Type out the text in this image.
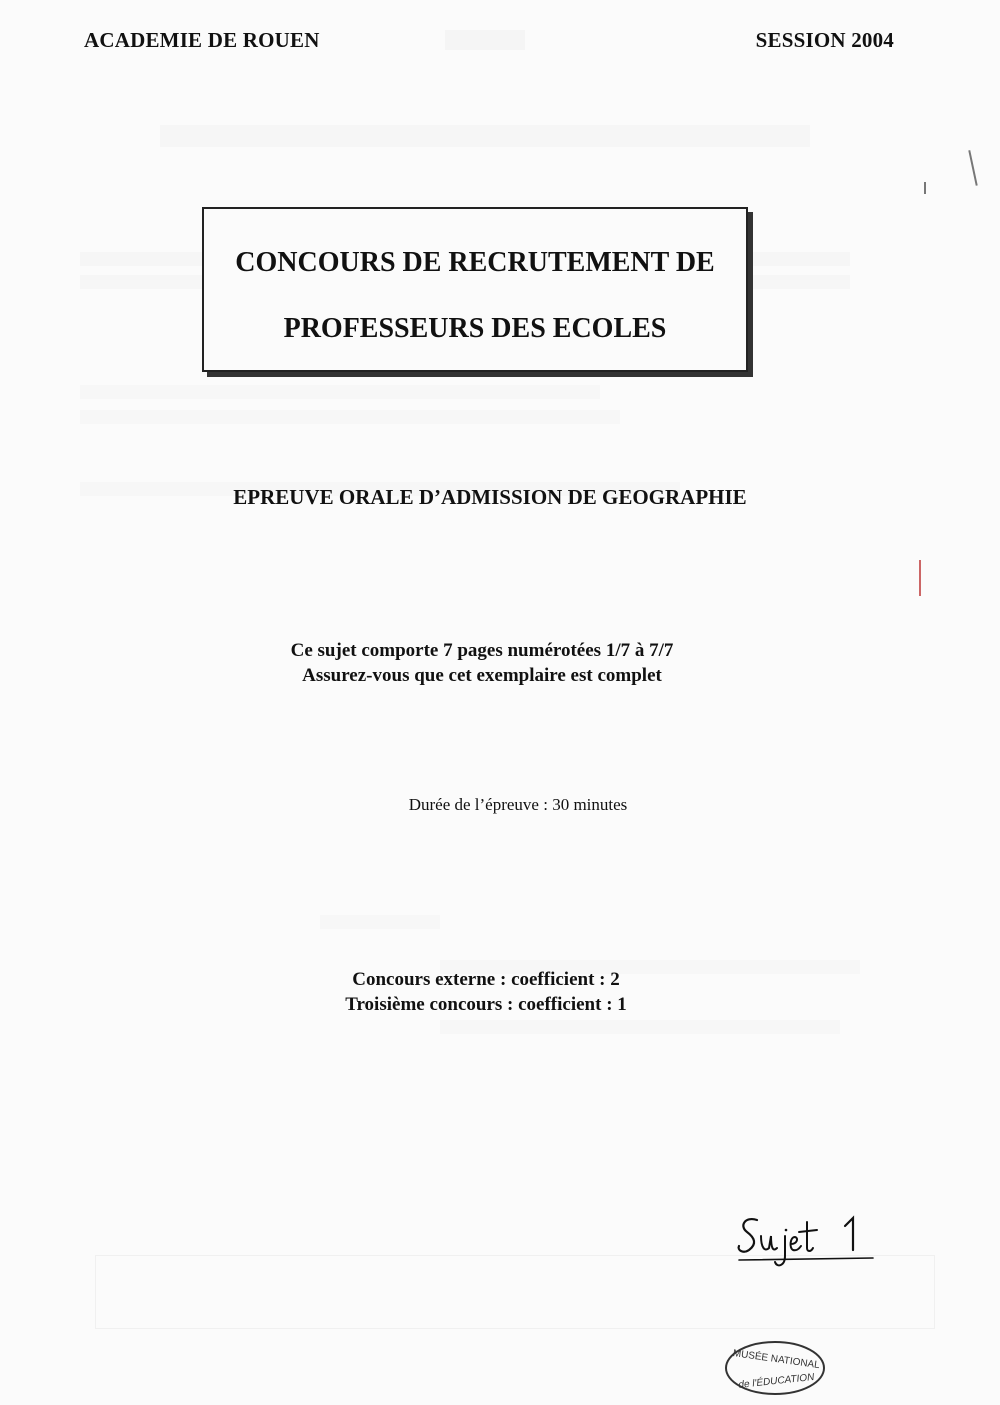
ACADEMIE DE ROUEN	SESSION 2004
CONCOURS DE RECRUTEMENT DE
PROFESSEURS DES ECOLES
EPREUVE ORALE D’ADMISSION DE GEOGRAPHIE
Ce sujet comporte 7 pages numérotées 1/7 à 7/7
Assurez-vous que cet exemplaire est complet
Durée de l’épreuve : 30 minutes
Concours externe : coefficient : 2
Troisième concours : coefficient : 1
MUSÉE NATIONAL
de l'ÉDUCATION
